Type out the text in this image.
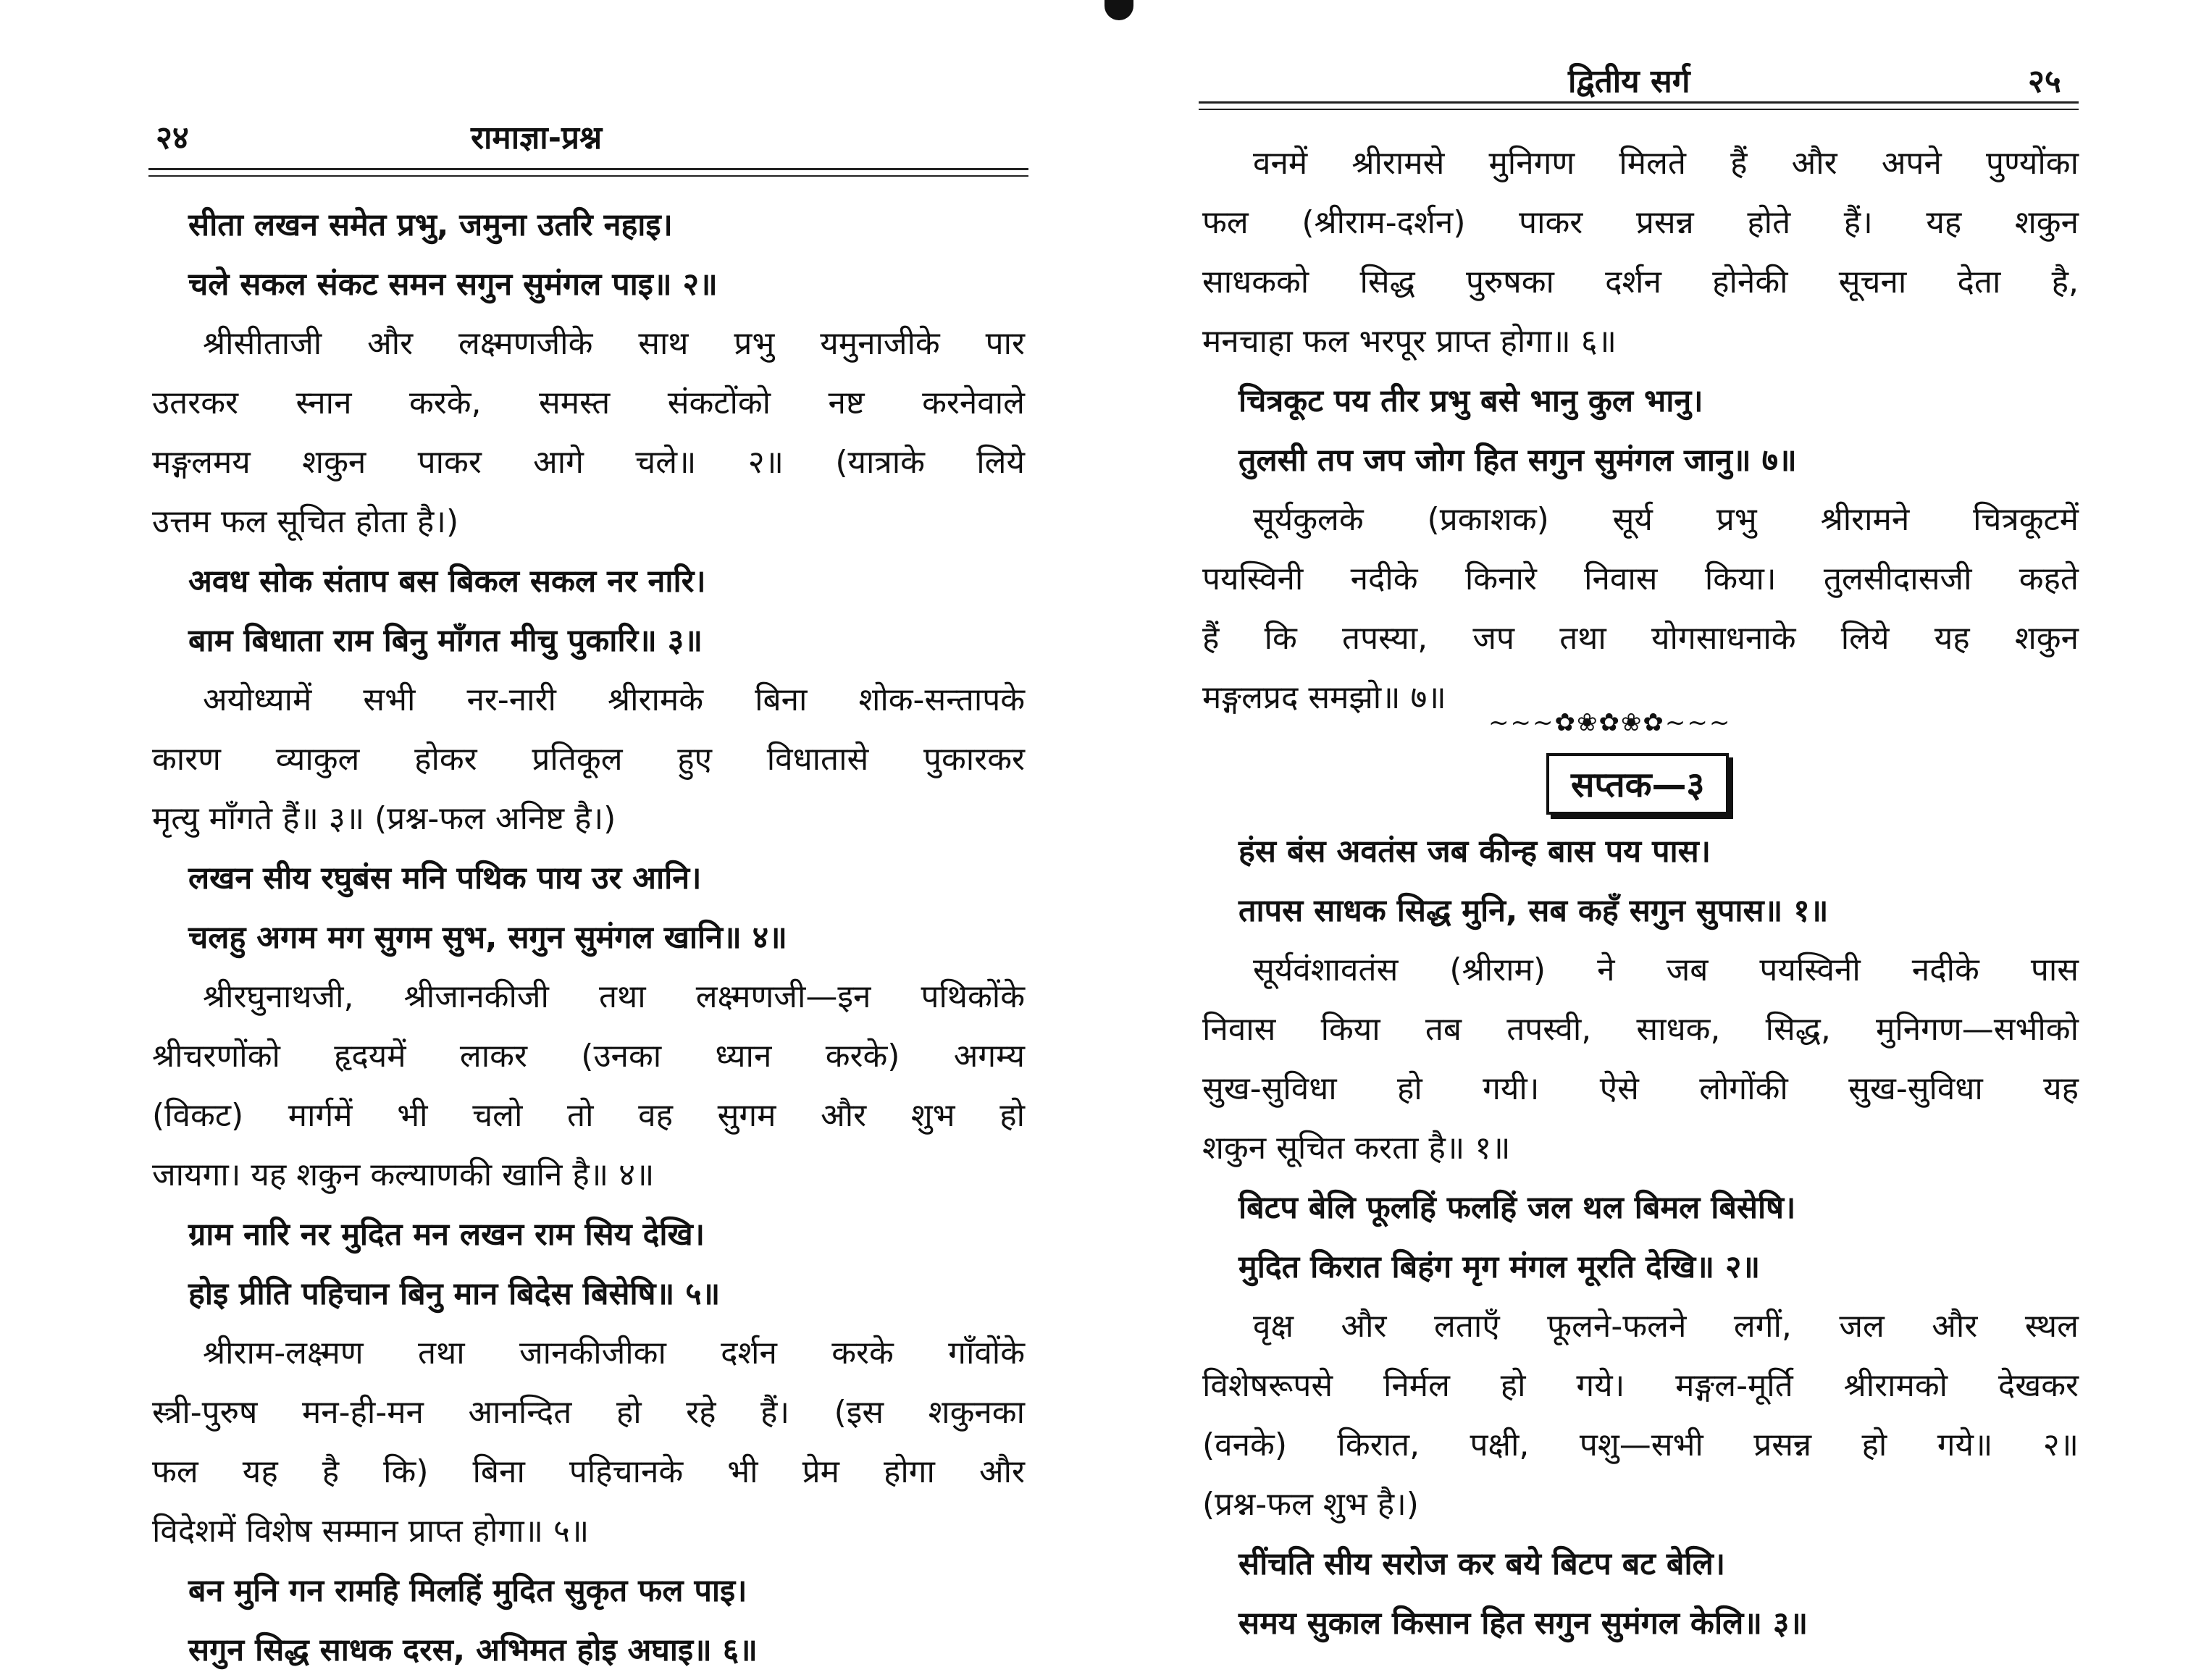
२४	रामाज्ञा-प्रश्न

सीता लखन समेत प्रभु, जमुना उतरि नहाइ।

चले सकल संकट समन सगुन सुमंगल पाइ॥ २॥

श्रीसीताजी और लक्ष्मणजीके साथ प्रभु यमुनाजीके पार

उतरकर स्नान करके, समस्त संकटोंको नष्ट करनेवाले

मङ्गलमय शकुन पाकर आगे चले॥ २॥ (यात्राके लिये

उत्तम फल सूचित होता है।)

अवध सोक संताप बस बिकल सकल नर नारि।

बाम बिधाता राम बिनु माँगत मीचु पुकारि॥ ३॥

अयोध्यामें सभी नर-नारी श्रीरामके बिना शोक-सन्तापके

कारण व्याकुल होकर प्रतिकूल हुए विधातासे पुकारकर

मृत्यु माँगते हैं॥ ३॥ (प्रश्न-फल अनिष्ट है।)

लखन सीय रघुबंस मनि पथिक पाय उर आनि।

चलहु अगम मग सुगम सुभ, सगुन सुमंगल खानि॥ ४॥

श्रीरघुनाथजी, श्रीजानकीजी तथा लक्ष्मणजी—इन पथिकोंके

श्रीचरणोंको हृदयमें लाकर (उनका ध्यान करके) अगम्य

(विकट) मार्गमें भी चलो तो वह सुगम और शुभ हो

जायगा। यह शकुन कल्याणकी खानि है॥ ४॥

ग्राम नारि नर मुदित मन लखन राम सिय देखि।

होइ प्रीति पहिचान बिनु मान बिदेस बिसेषि॥ ५॥

श्रीराम-लक्ष्मण तथा जानकीजीका दर्शन करके गाँवोंके

स्त्री-पुरुष मन-ही-मन आनन्दित हो रहे हैं। (इस शकुनका

फल यह है कि) बिना पहिचानके भी प्रेम होगा और

विदेशमें विशेष सम्मान प्राप्त होगा॥ ५॥

बन मुनि गन रामहि मिलहिं मुदित सुकृत फल पाइ।

सगुन सिद्ध साधक दरस, अभिमत होइ अघाइ॥ ६॥

द्वितीय सर्ग	२५

वनमें श्रीरामसे मुनिगण मिलते हैं और अपने पुण्योंका

फल (श्रीराम-दर्शन) पाकर प्रसन्न होते हैं। यह शकुन

साधकको सिद्ध पुरुषका दर्शन होनेकी सूचना देता है,

मनचाहा फल भरपूर प्राप्त होगा॥ ६॥

चित्रकूट पय तीर प्रभु बसे भानु कुल भानु।

तुलसी तप जप जोग हित सगुन सुमंगल जानु॥ ७॥

सूर्यकुलके (प्रकाशक) सूर्य प्रभु श्रीरामने चित्रकूटमें

पयस्विनी नदीके किनारे निवास किया। तुलसीदासजी कहते

हैं कि तपस्या, जप तथा योगसाधनाके लिये यह शकुन

मङ्गलप्रद समझो॥ ७॥

~~~✿❀✿❀✿~~~
सप्तक—३

हंस बंस अवतंस जब कीन्ह बास पय पास।

तापस साधक सिद्ध मुनि, सब कहँ सगुन सुपास॥ १॥

सूर्यवंशावतंस (श्रीराम) ने जब पयस्विनी नदीके पास

निवास किया तब तपस्वी, साधक, सिद्ध, मुनिगण—सभीको

सुख-सुविधा हो गयी। ऐसे लोगोंकी सुख-सुविधा यह

शकुन सूचित करता है॥ १॥

बिटप बेलि फूलहिं फलहिं जल थल बिमल बिसेषि।

मुदित किरात बिहंग मृग मंगल मूरति देखि॥ २॥

वृक्ष और लताएँ फूलने-फलने लगीं, जल और स्थल

विशेषरूपसे निर्मल हो गये। मङ्गल-मूर्ति श्रीरामको देखकर

(वनके) किरात, पक्षी, पशु—सभी प्रसन्न हो गये॥ २॥

(प्रश्न-फल शुभ है।)

सींचति सीय सरोज कर बये बिटप बट बेलि।

समय सुकाल किसान हित सगुन सुमंगल केलि॥ ३॥
